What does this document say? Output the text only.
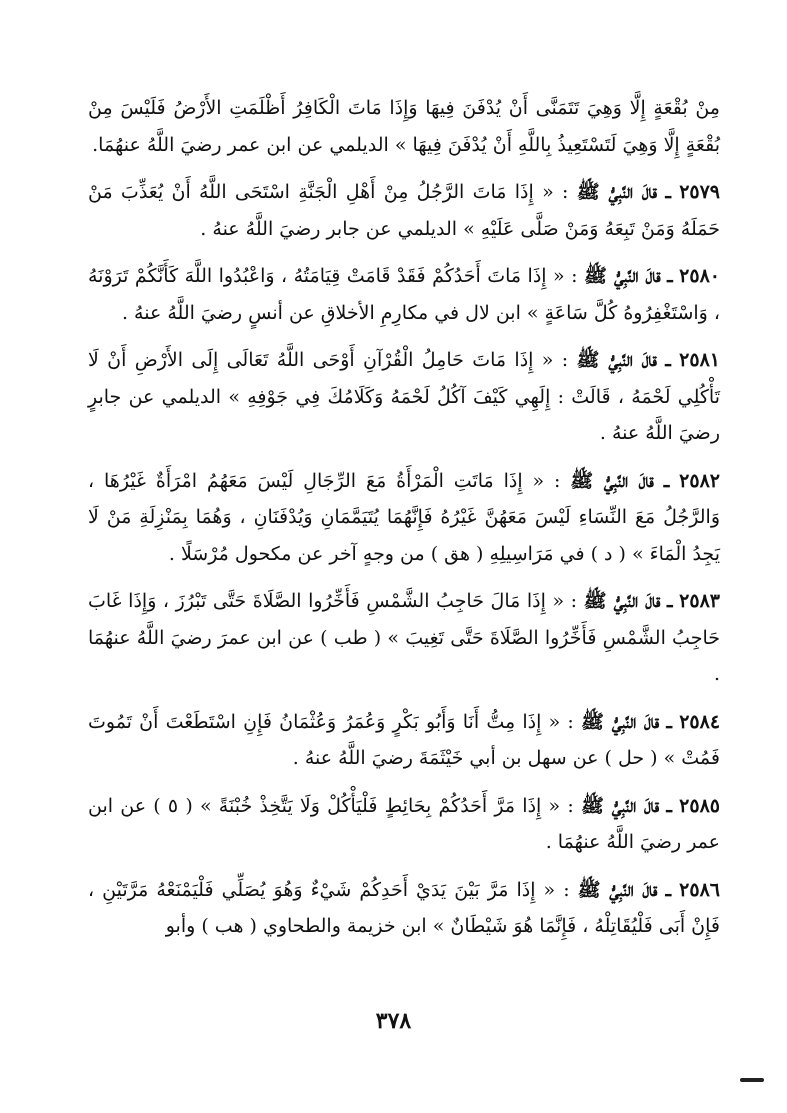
مِنْ بُقْعَةٍ إِلَّا وَهِيَ تَتَمَنَّى أَنْ يُدْفَنَ فِيهَا وَإِذَا مَاتَ الْكَافِرُ أَظْلَمَتِ الأَرْضُ فَلَيْسَ مِنْ بُقْعَةٍ إِلَّا وَهِيَ لَتَسْتَعِيذُ بِاللَّهِ أَنْ يُدْفَنَ فِيهَا » الديلمي عن ابن عمر رضيَ اللَّهُ عنهُمَا.

٢٥٧٩ ـ قالَ النَّبِيُّ ﷺ : « إِذَا مَاتَ الرَّجُلُ مِنْ أَهْلِ الْجَنَّةِ اسْتَحَى اللَّهُ أَنْ يُعَذِّبَ مَنْ حَمَلَهُ وَمَنْ تَبِعَهُ وَمَنْ صَلَّى عَلَيْهِ » الديلمي عن جابر رضيَ اللَّهُ عنهُ .

٢٥٨٠ ـ قالَ النَّبِيُّ ﷺ : « إِذَا مَاتَ أَحَدُكُمْ فَقَدْ قَامَتْ قِيَامَتُهُ ، وَاعْبُدُوا اللَّهَ كَأَنَّكُمْ تَرَوْنَهُ ، وَاسْتَغْفِرُوهُ كُلَّ سَاعَةٍ » ابن لال في مكارِمِ الأخلاقِ عن أنسٍ رضيَ اللَّهُ عنهُ .

٢٥٨١ ـ قالَ النَّبِيُّ ﷺ : « إِذَا مَاتَ حَامِلُ الْقُرْآنِ أَوْحَى اللَّهُ تَعَالَى إِلَى الأَرْضِ أَنْ لَا تَأْكُلِي لَحْمَهُ ، قَالَتْ : إِلَهِي كَيْفَ آكُلُ لَحْمَهُ وَكَلَامُكَ فِي جَوْفِهِ » الديلمي عن جابرٍ رضيَ اللَّهُ عنهُ .

٢٥٨٢ ـ قالَ النَّبِيُّ ﷺ : « إِذَا مَاتَتِ الْمَرْأَةُ مَعَ الرِّجَالِ لَيْسَ مَعَهُمُ امْرَأَةٌ غَيْرُهَا ، وَالرَّجُلُ مَعَ النِّسَاءِ لَيْسَ مَعَهُنَّ غَيْرُهُ فَإِنَّهُمَا يُتَيَمَّمَانِ وَيُدْفَنَانِ ، وَهُمَا بِمَنْزِلَةِ مَنْ لَا يَجِدُ الْمَاءَ » ( د ) في مَرَاسِيلِهِ ( هق ) من وجهٍ آخر عن مكحول مُرْسَلًا .

٢٥٨٣ ـ قالَ النَّبِيُّ ﷺ : « إِذَا مَالَ حَاجِبُ الشَّمْسِ فَأَخِّرُوا الصَّلَاةَ حَتَّى تَبْرُزَ ، وَإِذَا غَابَ حَاجِبُ الشَّمْسِ فَأَخِّرُوا الصَّلَاةَ حَتَّى تَغِيبَ » ( طب ) عن ابن عمرَ رضيَ اللَّهُ عنهُمَا .

٢٥٨٤ ـ قالَ النَّبِيُّ ﷺ : « إِذَا مِتُّ أَنَا وَأَبُو بَكْرٍ وَعُمَرُ وَعُثْمَانُ فَإِنِ اسْتَطَعْتَ أَنْ تَمُوتَ فَمُتْ » ( حل ) عن سهل بن أبي خَيْثَمَةَ رضيَ اللَّهُ عنهُ .

٢٥٨٥ ـ قالَ النَّبِيُّ ﷺ : « إِذَا مَرَّ أَحَدُكُمْ بِحَائِطٍ فَلْيَأْكُلْ وَلَا يَتَّخِذْ خُبْنَةً » ( ٥ ) عن ابن عمر رضيَ اللَّهُ عنهُمَا .

٢٥٨٦ ـ قالَ النَّبِيُّ ﷺ : « إِذَا مَرَّ بَيْنَ يَدَيْ أَحَدِكُمْ شَيْءٌ وَهُوَ يُصَلِّي فَلْيَمْنَعْهُ مَرَّتَيْنِ ، فَإِنْ أَبَى فَلْيُقَاتِلْهُ ، فَإِنَّمَا هُوَ شَيْطَانٌ » ابن خزيمة والطحاوي ( هب ) وأبو

٣٧٨
